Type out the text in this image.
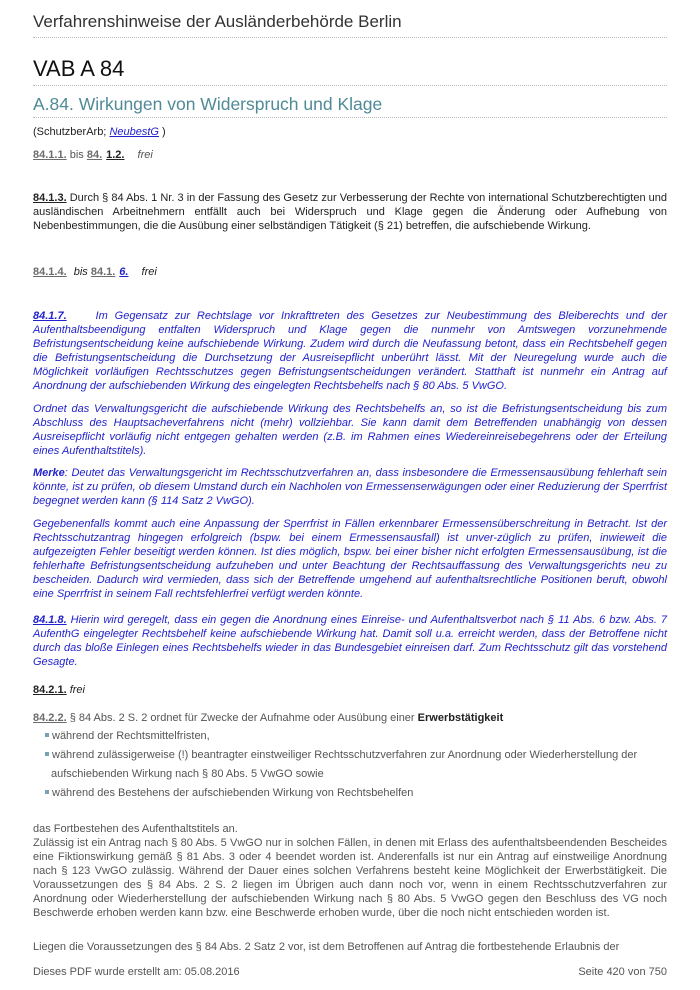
Verfahrenshinweise der Ausländerbehörde Berlin
VAB A 84
A.84. Wirkungen von Widerspruch und Klage
(SchutzberArb; NeubestG )
84.1.1. bis 84. 1.2. frei
84.1.3. Durch § 84 Abs. 1 Nr. 3 in der Fassung des Gesetz zur Verbesserung der Rechte von international Schutzberechtigten und ausländischen Arbeitnehmern entfällt auch bei Widerspruch und Klage gegen die Änderung oder Aufhebung von Nebenbestimmungen, die die Ausübung einer selbständigen Tätigkeit (§ 21) betreffen, die aufschiebende Wirkung.
84.1.4. bis 84.1. 6. frei
84.1.7.	Im Gegensatz zur Rechtslage vor Inkrafttreten des Gesetzes zur Neubestimmung des Bleiberechts und der Aufenthaltsbeendigung entfalten Widerspruch und Klage gegen die nunmehr von Amtswegen vorzunehmende Befristungsentscheidung keine aufschiebende Wirkung. Zudem wird durch die Neufassung betont, dass ein Rechtsbehelf gegen die Befristungsentscheidung die Durchsetzung der Ausreisepflicht unberührt lässt. Mit der Neuregelung wurde auch die Möglichkeit vorläufigen Rechtsschutzes gegen Befristungsentscheidungen verändert. Statthaft ist nunmehr ein Antrag auf Anordnung der aufschiebenden Wirkung des eingelegten Rechtsbehelfs nach § 80 Abs. 5 VwGO.
Ordnet das Verwaltungsgericht die aufschiebende Wirkung des Rechtsbehelfs an, so ist die Befristungsentscheidung bis zum Abschluss des Hauptsacheverfahrens nicht (mehr) vollziehbar. Sie kann damit dem Betreffenden unabhängig von dessen Ausreisepflicht vorläufig nicht entgegen gehalten werden (z.B. im Rahmen eines Wiedereinreisebegehrens oder der Erteilung eines Aufenthaltstitels).
Merke: Deutet das Verwaltungsgericht im Rechtsschutzverfahren an, dass insbesondere die Ermessensausübung fehlerhaft sein könnte, ist zu prüfen, ob diesem Umstand durch ein Nachholen von Ermessenserwägungen oder einer Reduzierung der Sperrfrist begegnet werden kann (§ 114 Satz 2 VwGO).
Gegebenenfalls kommt auch eine Anpassung der Sperrfrist in Fällen erkennbarer Ermessensüberschreitung in Betracht. Ist der Rechtsschutzantrag hingegen erfolgreich (bspw. bei einem Ermessensausfall) ist unver-züglich zu prüfen, inwieweit die aufgezeigten Fehler beseitigt werden können. Ist dies möglich, bspw. bei einer bisher nicht erfolgten Ermessensausübung, ist die fehlerhafte Befristungsentscheidung aufzuheben und unter Beachtung der Rechtsauffassung des Verwaltungsgerichts neu zu bescheiden. Dadurch wird vermieden, dass sich der Betreffende umgehend auf aufenthaltsrechtliche Positionen beruft, obwohl eine Sperrfrist in seinem Fall rechtsfehlerfrei verfügt werden könnte.
84.1.8. Hierin wird geregelt, dass ein gegen die Anordnung eines Einreise- und Aufenthaltsverbot nach § 11 Abs. 6 bzw. Abs. 7 AufenthG eingelegter Rechtsbehelf keine aufschiebende Wirkung hat. Damit soll u.a. erreicht werden, dass der Betroffene nicht durch das bloße Einlegen eines Rechtsbehelfs wieder in das Bundesgebiet einreisen darf. Zum Rechtsschutz gilt das vorstehend Gesagte.
84.2.1. frei
84.2.2. § 84 Abs. 2 S. 2 ordnet für Zwecke der Aufnahme oder Ausübung einer Erwerbstätigkeit
während der Rechtsmittelfristen,
während zulässigerweise (!) beantragter einstweiliger Rechtsschutzverfahren zur Anordnung oder Wiederherstellung der
aufschiebenden Wirkung nach § 80 Abs. 5 VwGO sowie
während des Bestehens der aufschiebenden Wirkung von Rechtsbehelfen
das Fortbestehen des Aufenthaltstitels an.
Zulässig ist ein Antrag nach § 80 Abs. 5 VwGO nur in solchen Fällen, in denen mit Erlass des aufenthaltsbeendenden Bescheides eine Fiktionswirkung gemäß § 81 Abs. 3 oder 4 beendet worden ist. Anderenfalls ist nur ein Antrag auf einstweilige Anordnung nach § 123 VwGO zulässig. Während der Dauer eines solchen Verfahrens besteht keine Möglichkeit der Erwerbstätigkeit. Die Voraussetzungen des § 84 Abs. 2 S. 2 liegen im Übrigen auch dann noch vor, wenn in einem Rechtsschutzverfahren zur Anordnung oder Wiederherstellung der aufschiebenden Wirkung nach § 80 Abs. 5 VwGO gegen den Beschluss des VG noch Beschwerde erhoben werden kann bzw. eine Beschwerde erhoben wurde, über die noch nicht entschieden worden ist.
Liegen die Voraussetzungen des § 84 Abs. 2 Satz 2 vor, ist dem Betroffenen auf Antrag die fortbestehende Erlaubnis der
Dieses PDF wurde erstellt am: 05.08.2016	Seite 420 von 750
